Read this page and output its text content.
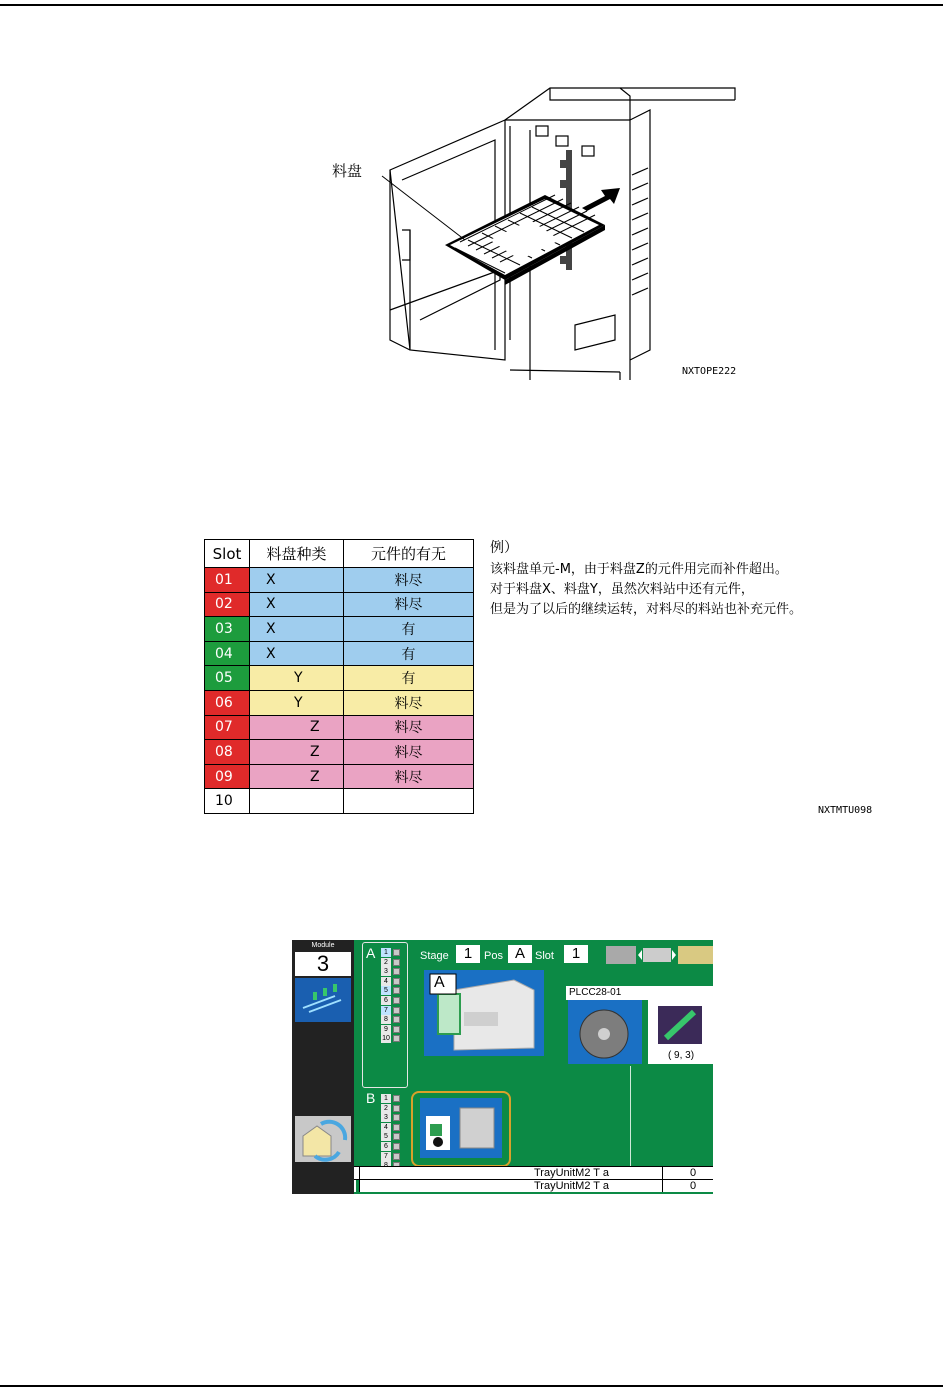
料盘
NXTOPE222
Slot	料盘种类	元件的有无
01	X	料尽
02	X	料尽
03	X	有
04	X	有
05	Y	有
06	Y	料尽
07	Z	料尽
08	Z	料尽
09	Z	料尽
10		
例）
该料盘单元-M，由于料盘Z的元件用完而补件超出。
对于料盘X、料盘Y，虽然次料站中还有元件，
但是为了以后的继续运转，对料尽的料站也补充元件。
NXTMTU098
Module
3	A	1
2
3
4
5
6
7
8
9
10
B	1
2
3
4
5
6
7
Stage	1	Pos A Slot	1
A
PLCC28-01
( 9, 3)
TrayUnitM2 T a	0
TrayUnitM2 T a	0
